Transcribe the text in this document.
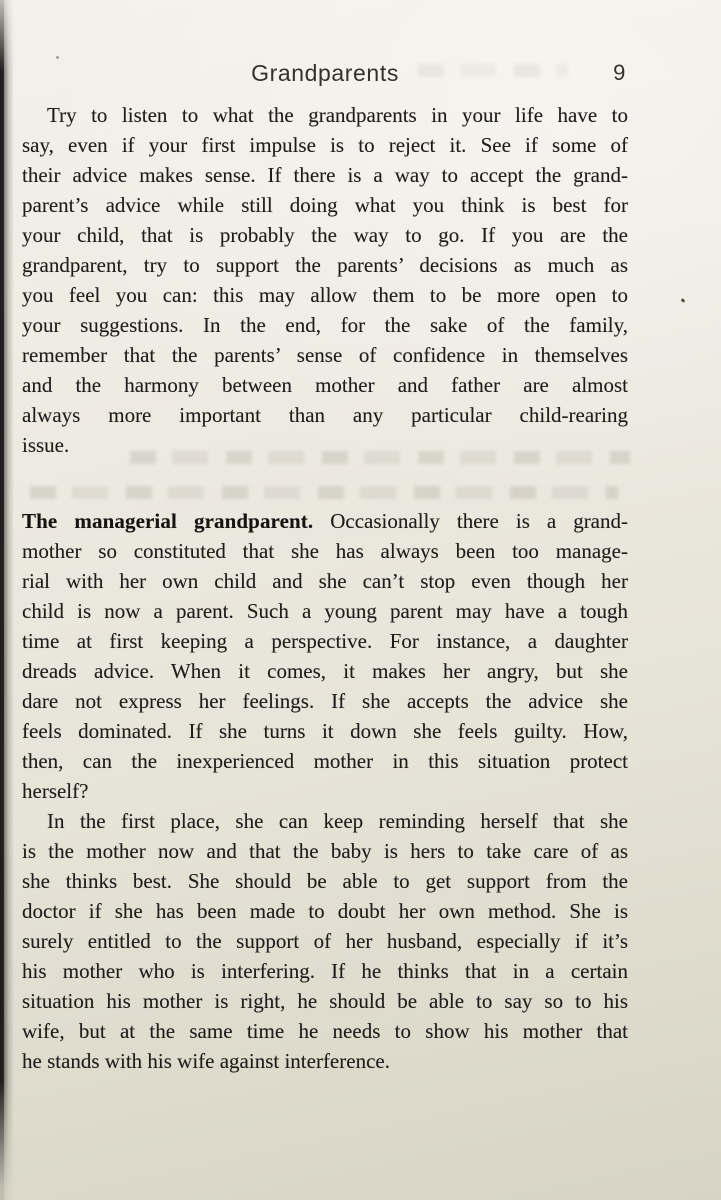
Grandparents	9
Try to listen to what the grandparents in your life have to
say, even if your first impulse is to reject it. See if some of
their advice makes sense. If there is a way to accept the grand-
parent’s advice while still doing what you think is best for
your child, that is probably the way to go. If you are the
grandparent, try to support the parents’ decisions as much as
you feel you can: this may allow them to be more open to
your suggestions. In the end, for the sake of the family,
remember that the parents’ sense of confidence in themselves
and the harmony between mother and father are almost
always more important than any particular child-rearing
issue.
The managerial grandparent. Occasionally there is a grand-
mother so constituted that she has always been too manage-
rial with her own child and she can’t stop even though her
child is now a parent. Such a young parent may have a tough
time at first keeping a perspective. For instance, a daughter
dreads advice. When it comes, it makes her angry, but she
dare not express her feelings. If she accepts the advice she
feels dominated. If she turns it down she feels guilty. How,
then, can the inexperienced mother in this situation protect
herself?
In the first place, she can keep reminding herself that she
is the mother now and that the baby is hers to take care of as
she thinks best. She should be able to get support from the
doctor if she has been made to doubt her own method. She is
surely entitled to the support of her husband, especially if it’s
his mother who is interfering. If he thinks that in a certain
situation his mother is right, he should be able to say so to his
wife, but at the same time he needs to show his mother that
he stands with his wife against interference.
